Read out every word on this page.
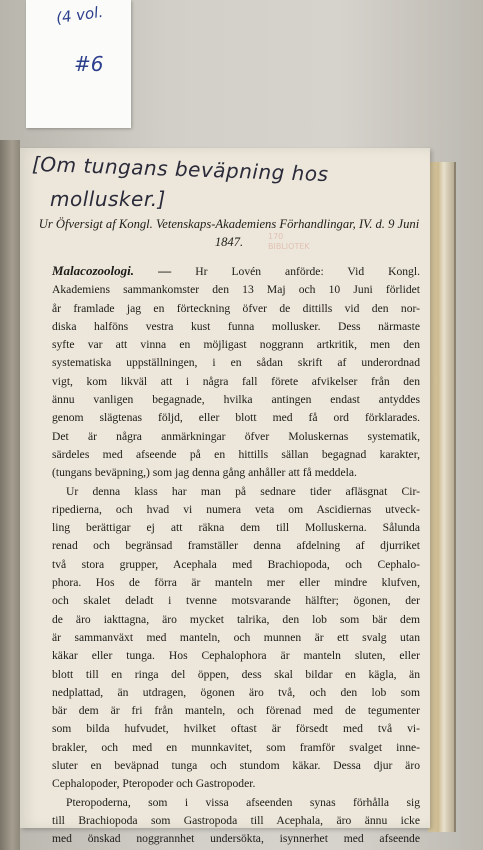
(4 vol.
#6
[Om tungans beväpning hos
mollusker.]
170
BIBLIOTEK
Ur Öfversigt af Kongl. Vetenskaps-Akademiens Förhandlingar, IV. d. 9 Juni 1847.

Malacozoologi. — Hr Lovén anförde: Vid Kongl.

Akademiens sammankomster den 13 Maj och 10 Juni förlidet

år framlade jag en förteckning öfver de dittills vid den nor-

diska halföns vestra kust funna mollusker. Dess närmaste

syfte var att vinna en möjligast noggrann artkritik, men den

systematiska uppställningen, i en sådan skrift af underordnad

vigt, kom likväl att i några fall förete afvikelser från den

ännu vanligen begagnade, hvilka antingen endast antyddes

genom slägtenas följd, eller blott med få ord förklarades.

Det är några anmärkningar öfver Moluskernas systematik,

särdeles med afseende på en hittills sällan begagnad karakter,

(tungans beväpning,) som jag denna gång anhåller att få meddela.

Ur denna klass har man på sednare tider afläsgnat Cir-

ripedierna, och hvad vi numera veta om Ascidiernas utveck-

ling berättigar ej att räkna dem till Molluskerna. Sålunda

renad och begränsad framställer denna afdelning af djurriket

två stora grupper, Acephala med Brachiopoda, och Cephalo-

phora. Hos de förra är manteln mer eller mindre klufven,

och skalet deladt i tvenne motsvarande hälfter; ögonen, der

de äro iakttagna, äro mycket talrika, den lob som bär dem

är sammanväxt med manteln, och munnen är ett svalg utan

käkar eller tunga. Hos Cephalophora är manteln sluten, eller

blott till en ringa del öppen, dess skal bildar en kägla, än

nedplattad, än utdragen, ögonen äro två, och den lob som

bär dem är fri från manteln, och förenad med de tegumenter

som bilda hufvudet, hvilket oftast är försedt med två vi-

brakler, och med en munnkavitet, som framför svalget inne-

sluter en beväpnad tunga och stundom käkar. Dessa djur äro

Cephalopoder, Pteropoder och Gastropoder.

Pteropoderna, som i vissa afseenden synas förhålla sig

till Brachiopoda som Gastropoda till Acephala, äro ännu icke

med önskad noggrannhet undersökta, isynnerhet med afseende
